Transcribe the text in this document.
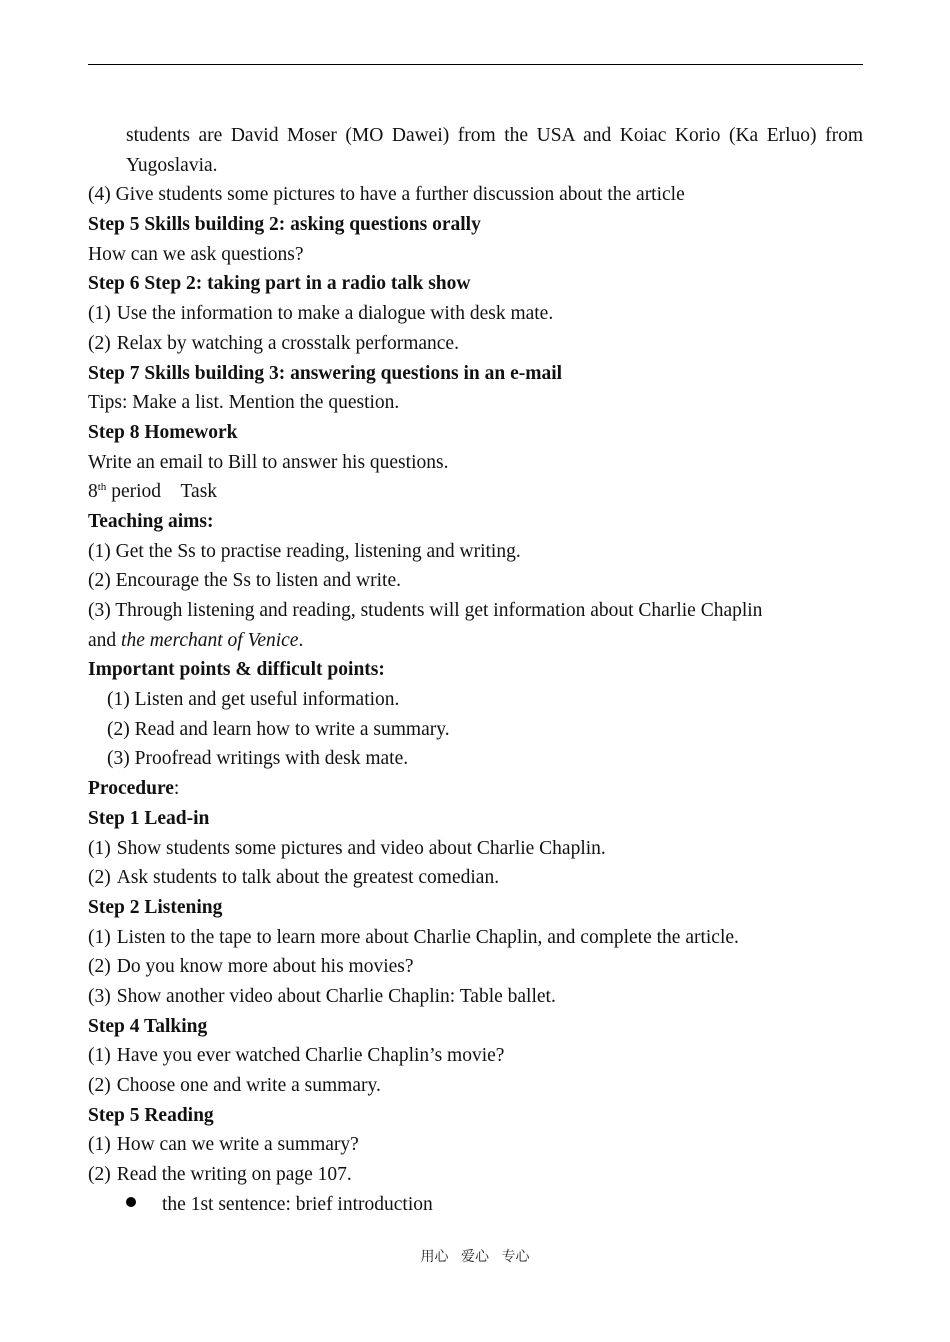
students are David Moser (MO Dawei) from the USA and Koiac Korio (Ka Erluo) from Yugoslavia.
(4) Give students some pictures to have a further discussion about the article
Step 5 Skills building 2: asking questions orally
How can we ask questions?
Step 6 Step 2: taking part in a radio talk show
(1) Use the information to make a dialogue with desk mate.
(2) Relax by watching a crosstalk performance.
Step 7 Skills building 3: answering questions in an e-mail
Tips: Make a list. Mention the question.
Step 8 Homework
Write an email to Bill to answer his questions.
8th period　Task
Teaching aims:
(1) Get the Ss to practise reading, listening and writing.
(2) Encourage the Ss to listen and write.
(3) Through listening and reading, students will get information about Charlie Chaplin
and the merchant of Venice.
Important points & difficult points:
(1) Listen and get useful information.
(2) Read and learn how to write a summary.
(3) Proofread writings with desk mate.
Procedure:
Step 1 Lead-in
(1) Show students some pictures and video about Charlie Chaplin.
(2) Ask students to talk about the greatest comedian.
Step 2 Listening
(1) Listen to the tape to learn more about Charlie Chaplin, and complete the article.
(2) Do you know more about his movies?
(3) Show another video about Charlie Chaplin: Table ballet.
Step 4 Talking
(1) Have you ever watched Charlie Chaplin’s movie?
(2) Choose one and write a summary.
Step 5 Reading
(1) How can we write a summary?
(2) Read the writing on page 107.
the 1st sentence: brief introduction
用心 爱心 专心
